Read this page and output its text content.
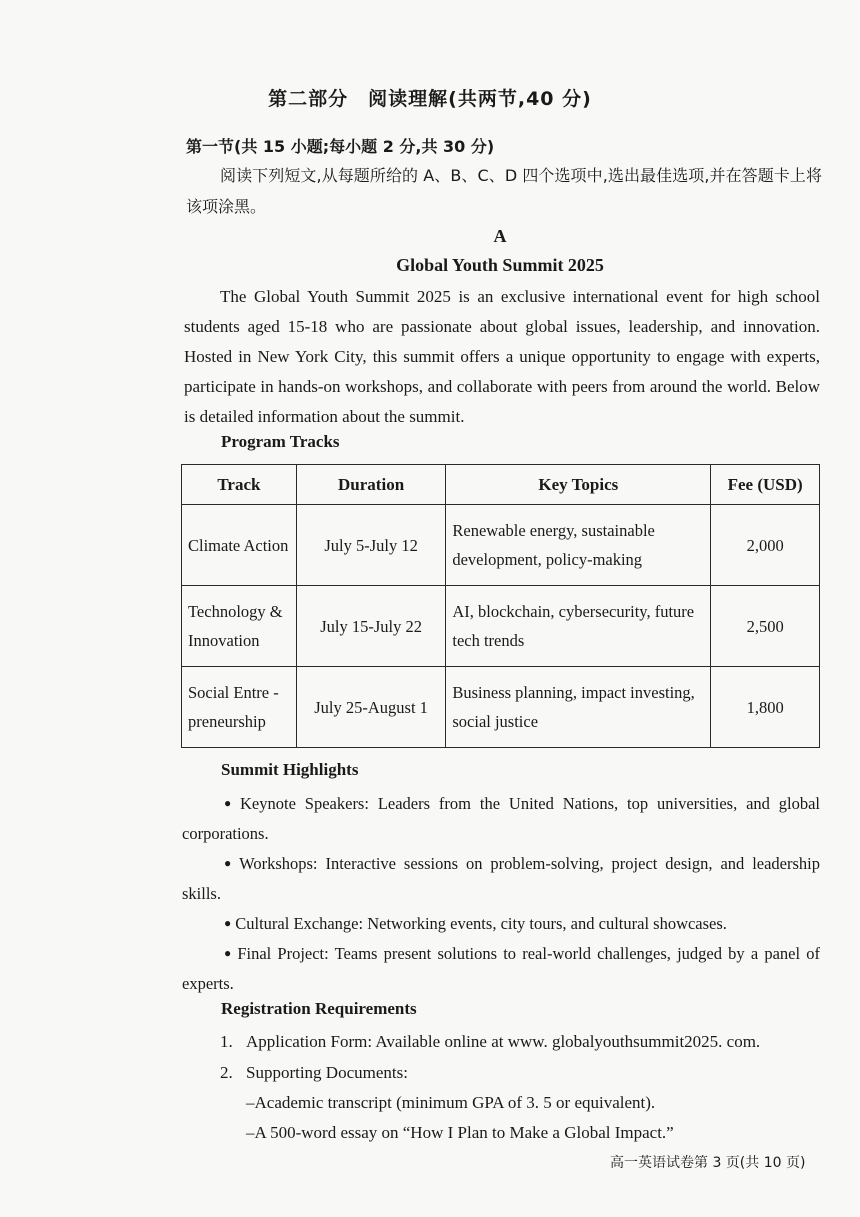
第二部分　阅读理解(共两节,40 分)
第一节(共 15 小题;每小题 2 分,共 30 分)
阅读下列短文,从每题所给的 A、B、C、D 四个选项中,选出最佳选项,并在答题卡上将该项涂黑。
A
Global Youth Summit 2025
The Global Youth Summit 2025 is an exclusive international event for high school students aged 15-18 who are passionate about global issues, leadership, and innovation. Hosted in New York City, this summit offers a unique opportunity to engage with experts, participate in hands-on workshops, and collaborate with peers from around the world. Below is detailed information about the summit.
Program Tracks
Track	Duration	Key Topics	Fee (USD)
Climate Action	July 5-July 12	Renewable energy, sustainable development, policy-making	2,000
Technology & Innovation	July 15-July 22	AI, blockchain, cybersecurity, future tech trends	2,500
Social Entre -preneurship	July 25-August 1	Business planning, impact investing, social justice	1,800
Summit Highlights
● Keynote Speakers: Leaders from the United Nations, top universities, and global corporations.
● Workshops: Interactive sessions on problem-solving, project design, and leadership skills.
● Cultural Exchange: Networking events, city tours, and cultural showcases.
● Final Project: Teams present solutions to real-world challenges, judged by a panel of experts.
Registration Requirements
1. Application Form: Available online at www. globalyouthsummit2025. com.
2. Supporting Documents:
–Academic transcript (minimum GPA of 3. 5 or equivalent).
–A 500-word essay on “How I Plan to Make a Global Impact.”
高一英语试卷第 3 页(共 10 页)
